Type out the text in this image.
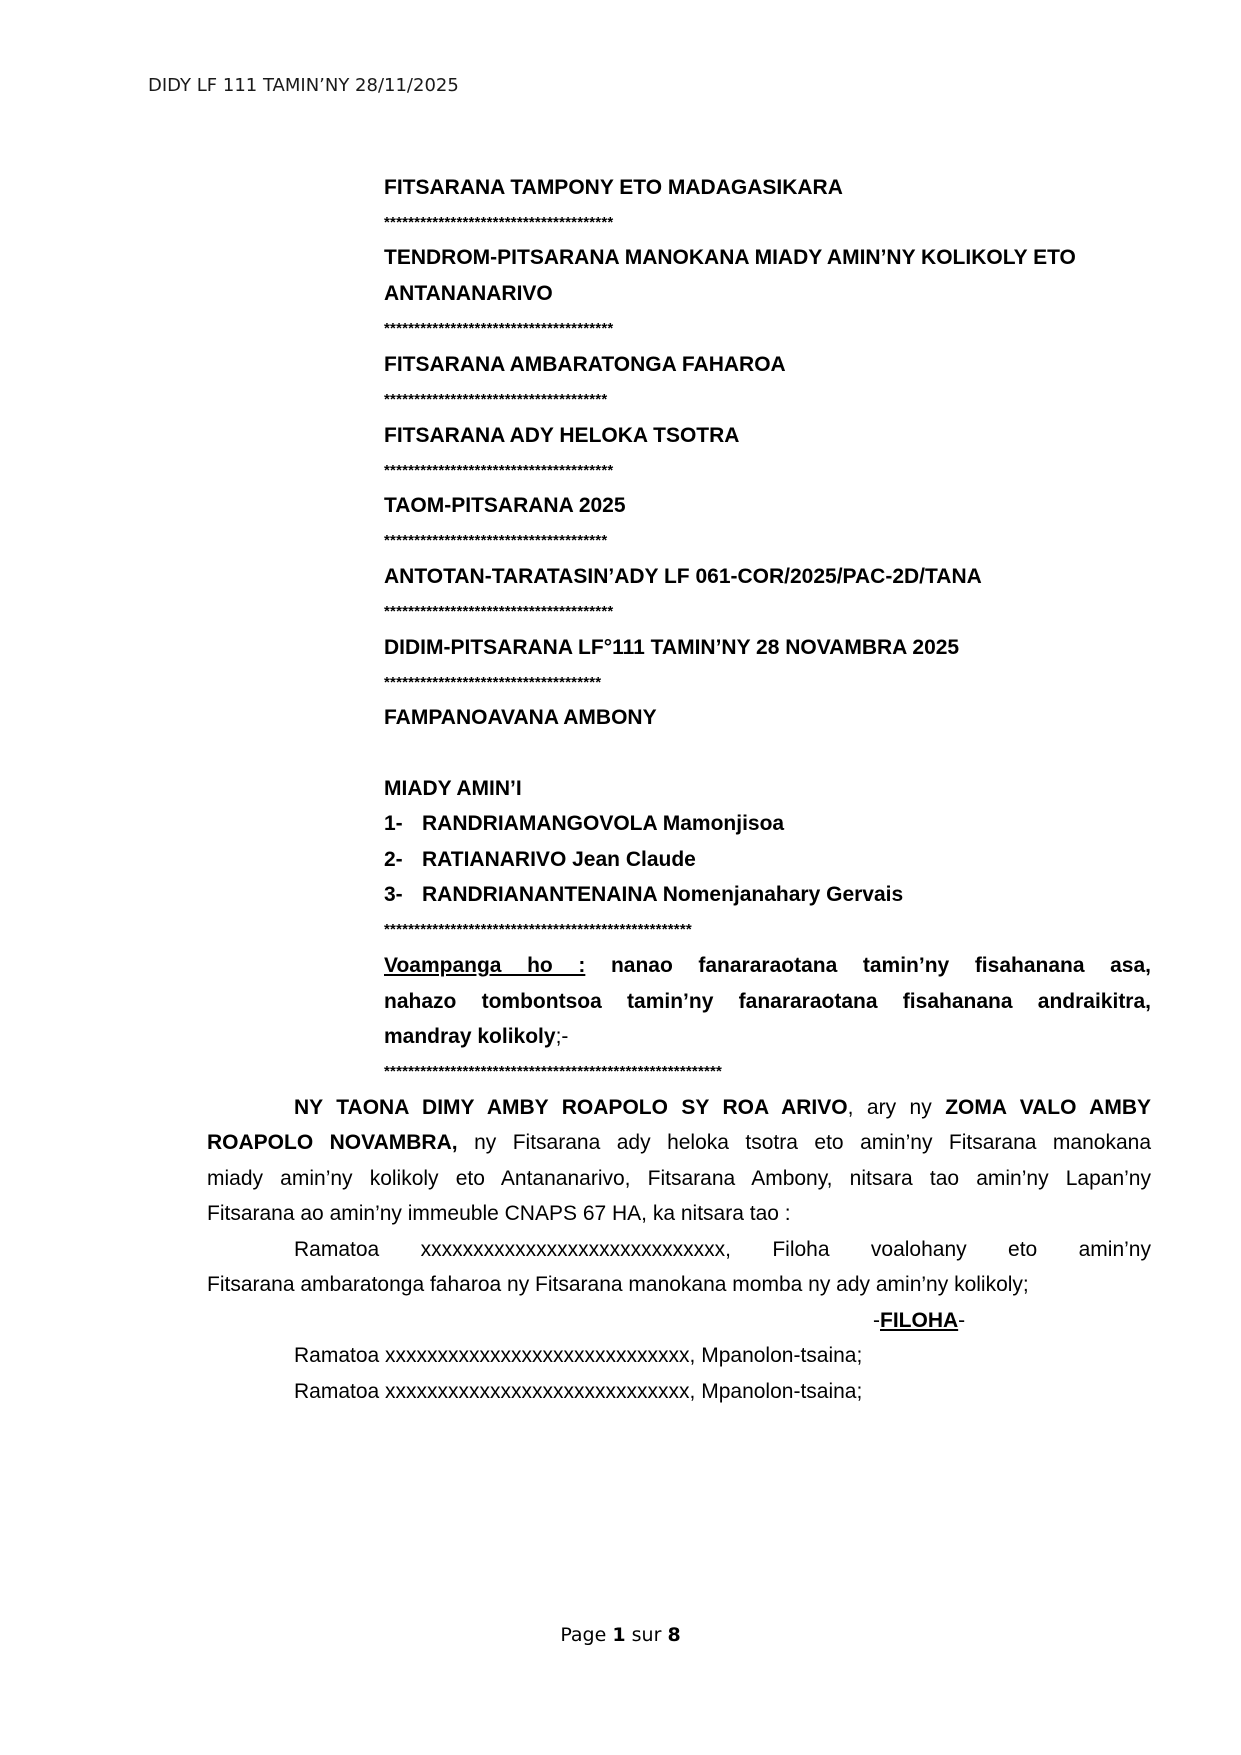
DIDY LF 111 TAMIN’NY 28/11/2025
FITSARANA TAMPONY ETO MADAGASIKARA
**************************************
TENDROM-PITSARANA MANOKANA MIADY AMIN’NY KOLIKOLY ETO
ANTANANARIVO
**************************************
FITSARANA AMBARATONGA FAHAROA
*************************************
FITSARANA ADY HELOKA TSOTRA
**************************************
TAOM-PITSARANA 2025
*************************************
ANTOTAN-TARATASIN’ADY LF 061-COR/2025/PAC-2D/TANA
**************************************
DIDIM-PITSARANA LF°111 TAMIN’NY 28 NOVAMBRA 2025
************************************
FAMPANOAVANA AMBONY
MIADY AMIN’I
1- RANDRIAMANGOVOLA Mamonjisoa
2- RATIANARIVO Jean Claude
3- RANDRIANANTENAINA Nomenjanahary Gervais
***************************************************
Voampanga ho : nanao fanararaotana tamin’ny fisahanana asa,
nahazo tombontsoa tamin’ny fanararaotana fisahanana andraikitra,
mandray kolikoly;-
********************************************************
NY TAONA DIMY AMBY ROAPOLO SY ROA ARIVO, ary ny ZOMA VALO AMBY
ROAPOLO NOVAMBRA, ny Fitsarana ady heloka tsotra eto amin’ny Fitsarana manokana
miady amin’ny kolikoly eto Antananarivo, Fitsarana Ambony, nitsara tao amin’ny Lapan’ny
Fitsarana ao amin’ny immeuble CNAPS 67 HA, ka nitsara tao :
Ramatoa xxxxxxxxxxxxxxxxxxxxxxxxxxxxx, Filoha voalohany eto amin’ny
Fitsarana ambaratonga faharoa ny Fitsarana manokana momba ny ady amin’ny kolikoly;
-FILOHA-
Ramatoa xxxxxxxxxxxxxxxxxxxxxxxxxxxxx, Mpanolon-tsaina;
Ramatoa xxxxxxxxxxxxxxxxxxxxxxxxxxxxx, Mpanolon-tsaina;
Page 1 sur 8
